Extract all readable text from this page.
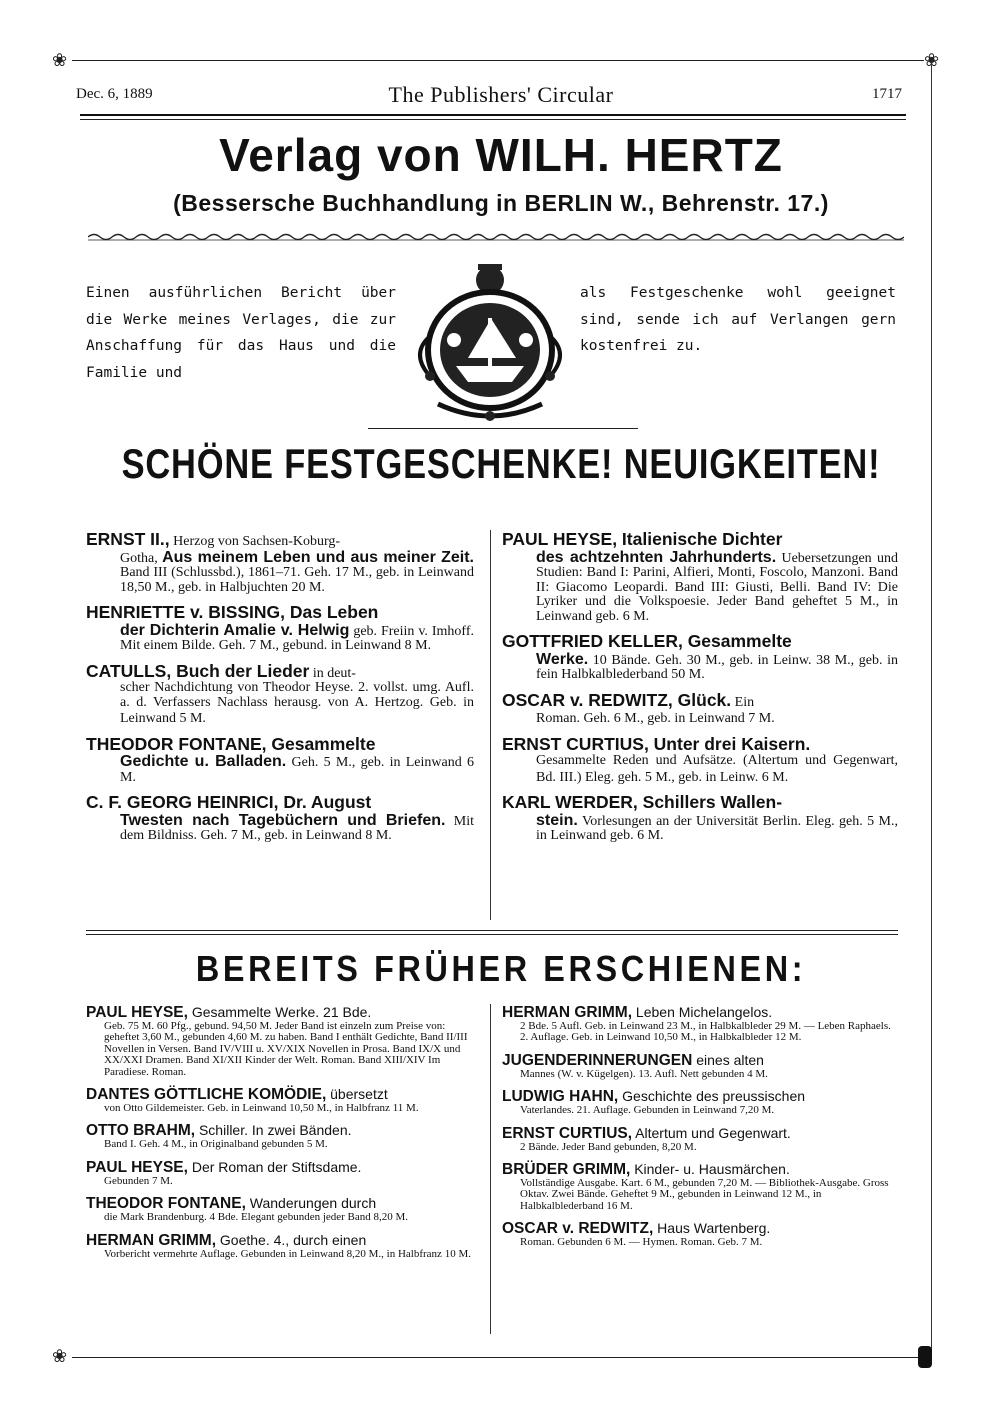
❀	❀
Dec. 6, 1889	The Publishers' Circular	1717
Verlag von WILH. HERTZ
(Bessersche Buchhandlung in BERLIN W., Behrenstr. 17.)
Einen ausführlichen Bericht über die Werke meines Verlages, die zur Anschaffung für das Haus und die Familie und
als Festgeschenke wohl geeignet sind, sende ich auf Verlangen gern kostenfrei zu.
SCHÖNE FESTGESCHENKE! NEUIGKEITEN!
ERNST II., Herzog von Sachsen-Koburg-
Gotha, Aus meinem Leben und aus meiner Zeit. Band III (Schlussbd.), 1861–71. Geh. 17 M., geb. in Leinwand 18,50 M., geb. in Halbjuchten 20 M.
HENRIETTE v. BISSING, Das Leben
der Dichterin Amalie v. Helwig geb. Freiin v. Imhoff. Mit einem Bilde. Geh. 7 M., gebund. in Leinwand 8 M.
CATULLS, Buch der Lieder in deut-
scher Nachdichtung von Theodor Heyse. 2. vollst. umg. Aufl. a. d. Verfassers Nachlass herausg. von A. Hertzog. Geb. in Leinwand 5 M.
THEODOR FONTANE, Gesammelte
Gedichte u. Balladen. Geh. 5 M., geb. in Leinwand 6 M.
C. F. GEORG HEINRICI, Dr. August
Twesten nach Tagebüchern und Briefen. Mit dem Bildniss. Geh. 7 M., geb. in Leinwand 8 M.
PAUL HEYSE, Italienische Dichter
des achtzehnten Jahrhunderts. Uebersetzungen und Studien: Band I: Parini, Alfieri, Monti, Foscolo, Manzoni. Band II: Giacomo Leopardi. Band III: Giusti, Belli. Band IV: Die Lyriker und die Volkspoesie. Jeder Band geheftet 5 M., in Leinwand geb. 6 M.
GOTTFRIED KELLER, Gesammelte
Werke. 10 Bände. Geh. 30 M., geb. in Leinw. 38 M., geb. in fein Halbkalblederband 50 M.
OSCAR v. REDWITZ, Glück. Ein
Roman. Geh. 6 M., geb. in Leinwand 7 M.
ERNST CURTIUS, Unter drei Kaisern.
Gesammelte Reden und Aufsätze. (Altertum und Gegenwart, Bd. III.) Eleg. geh. 5 M., geb. in Leinw. 6 M.
KARL WERDER, Schillers Wallen-
stein. Vorlesungen an der Universität Berlin. Eleg. geh. 5 M., in Leinwand geb. 6 M.
BEREITS FRÜHER ERSCHIENEN:
PAUL HEYSE, Gesammelte Werke. 21 Bde.
Geb. 75 M. 60 Pfg., gebund. 94,50 M. Jeder Band ist einzeln zum Preise von: geheftet 3,60 M., gebunden 4,60 M. zu haben. Band I enthält Gedichte, Band II/III Novellen in Versen. Band IV/VIII u. XV/XIX Novellen in Prosa. Band IX/X und XX/XXI Dramen. Band XI/XII Kinder der Welt. Roman. Band XIII/XIV Im Paradiese. Roman.
DANTES GÖTTLICHE KOMÖDIE, übersetzt
von Otto Gildemeister. Geb. in Leinwand 10,50 M., in Halbfranz 11 M.
OTTO BRAHM, Schiller. In zwei Bänden.
Band I. Geh. 4 M., in Originalband gebunden 5 M.
PAUL HEYSE, Der Roman der Stiftsdame.
Gebunden 7 M.
THEODOR FONTANE, Wanderungen durch
die Mark Brandenburg. 4 Bde. Elegant gebunden jeder Band 8,20 M.
HERMAN GRIMM, Goethe. 4., durch einen
Vorbericht vermehrte Auflage. Gebunden in Leinwand 8,20 M., in Halbfranz 10 M.
HERMAN GRIMM, Leben Michelangelos.
2 Bde. 5 Aufl. Geb. in Leinwand 23 M., in Halbkalbleder 29 M. — Leben Raphaels. 2. Auflage. Geb. in Leinwand 10,50 M., in Halbkalbleder 12 M.
JUGENDERINNERUNGEN eines alten
Mannes (W. v. Kügelgen). 13. Aufl. Nett gebunden 4 M.
LUDWIG HAHN, Geschichte des preussischen
Vaterlandes. 21. Auflage. Gebunden in Leinwand 7,20 M.
ERNST CURTIUS, Altertum und Gegenwart.
2 Bände. Jeder Band gebunden, 8,20 M.
BRÜDER GRIMM, Kinder- u. Hausmärchen.
Vollständige Ausgabe. Kart. 6 M., gebunden 7,20 M. — Bibliothek-Ausgabe. Gross Oktav. Zwei Bände. Geheftet 9 M., gebunden in Leinwand 12 M., in Halbkalblederband 16 M.
OSCAR v. REDWITZ, Haus Wartenberg.
Roman. Gebunden 6 M. — Hymen. Roman. Geb. 7 M.
❀
